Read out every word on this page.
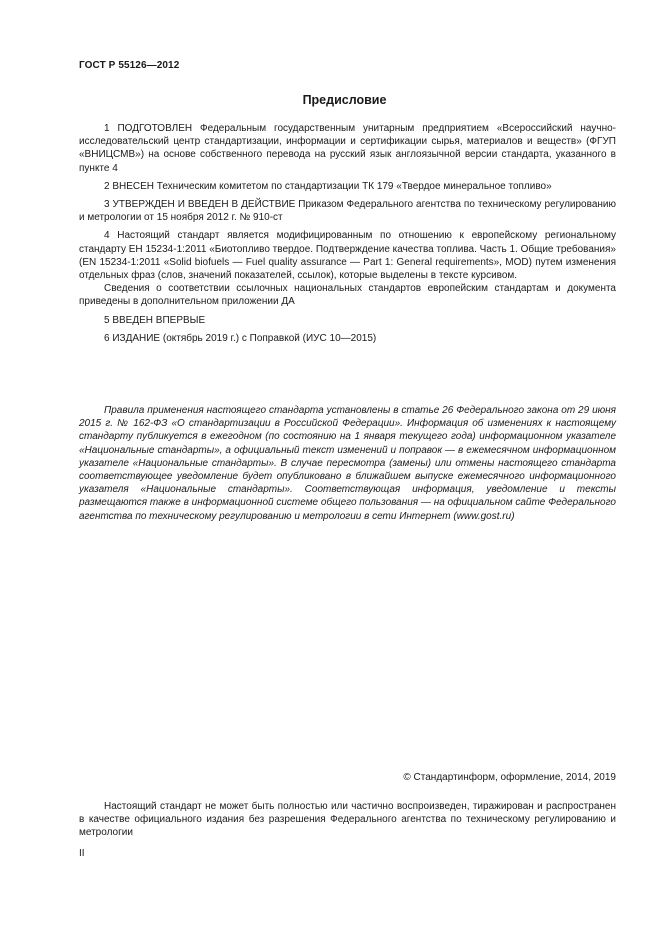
ГОСТ Р 55126—2012
Предисловие

1 ПОДГОТОВЛЕН Федеральным государственным унитарным предприятием «Всероссийский научно-исследовательский центр стандартизации, информации и сертификации сырья, материалов и веществ» (ФГУП «ВНИЦСМВ») на основе собственного перевода на русский язык англоязычной версии стандарта, указанного в пункте 4

2 ВНЕСЕН Техническим комитетом по стандартизации ТК 179 «Твердое минеральное топливо»

3 УТВЕРЖДЕН И ВВЕДЕН В ДЕЙСТВИЕ Приказом Федерального агентства по техническому регулированию и метрологии от 15 ноября 2012 г. № 910-ст

4 Настоящий стандарт является модифицированным по отношению к европейскому региональному стандарту ЕН 15234-1:2011 «Биотопливо твердое. Подтверждение качества топлива. Часть 1. Общие требования» (EN 15234-1:2011 «Solid biofuels — Fuel quality assurance — Part 1: General requirements», MOD) путем изменения отдельных фраз (слов, значений показателей, ссылок), которые выделены в тексте курсивом.

Сведения о соответствии ссылочных национальных стандартов европейским стандартам и документа приведены в дополнительном приложении ДА

5 ВВЕДЕН ВПЕРВЫЕ

6 ИЗДАНИЕ (октябрь 2019 г.) с Поправкой (ИУС 10—2015)

Правила применения настоящего стандарта установлены в статье 26 Федерального закона от 29 июня 2015 г. № 162-ФЗ «О стандартизации в Российской Федерации». Информация об изменениях к настоящему стандарту публикуется в ежегодном (по состоянию на 1 января текущего года) информационном указателе «Национальные стандарты», а официальный текст изменений и поправок — в ежемесячном информационном указателе «Национальные стандарты». В случае пересмотра (замены) или отмены настоящего стандарта соответствующее уведомление будет опубликовано в ближайшем выпуске ежемесячного информационного указателя «Национальные стандарты». Соответствующая информация, уведомление и тексты размещаются также в информационной системе общего пользования — на официальном сайте Федерального агентства по техническому регулированию и метрологии в сети Интернет (www.gost.ru)

© Стандартинформ, оформление, 2014, 2019

Настоящий стандарт не может быть полностью или частично воспроизведен, тиражирован и распространен в качестве официального издания без разрешения Федерального агентства по техническому регулированию и метрологии

II
